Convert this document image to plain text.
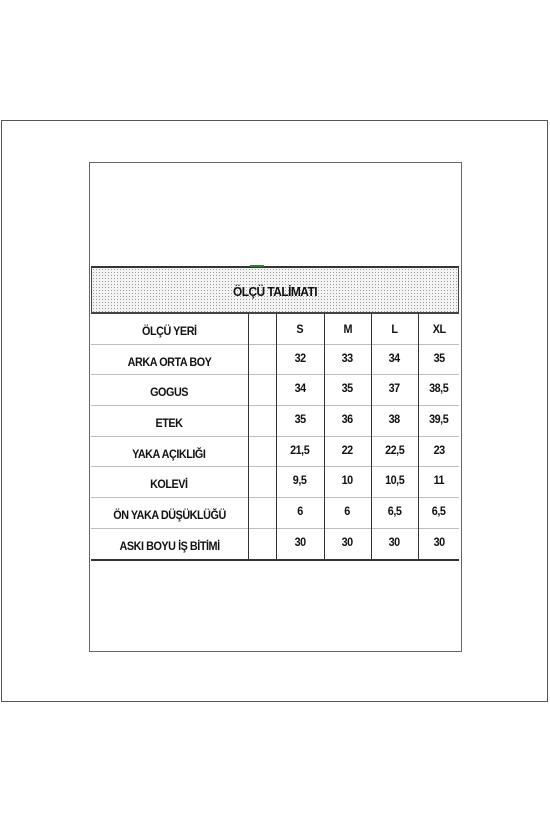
ÖLÇÜ TALİMATI
ÖLÇÜ YERİ		S	M	L	XL
ARKA ORTA BOY		32	33	34	35
GOGUS		34	35	37	38,5
ETEK		35	36	38	39,5
YAKA AÇIKLIĞI		21,5	22	22,5	23
KOLEVİ		9,5	10	10,5	11
ÖN YAKA DÜŞÜKLÜĞÜ		6	6	6,5	6,5
ASKI BOYU İŞ BİTİMİ		30	30	30	30
